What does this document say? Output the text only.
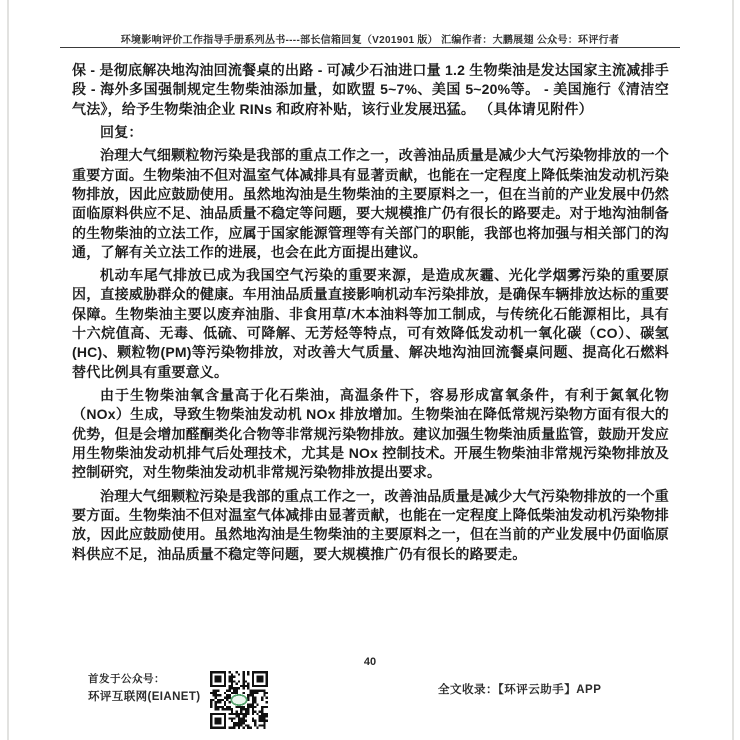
环境影响评价工作指导手册系列丛书----部长信箱回复（V201901 版） 汇编作者：大鹏展翅 公众号：环评行者

保 - 是彻底解决地沟油回流餐桌的出路 - 可减少石油进口量 1.2 生物柴油是发达国家主流减排手段 - 海外多国强制规定生物柴油添加量，如欧盟 5~7%、美国 5~20%等。 - 美国施行《清洁空气法》，给予生物柴油企业 RINs 和政府补贴，该行业发展迅猛。 （具体请见附件）

回复：

治理大气细颗粒物污染是我部的重点工作之一，改善油品质量是减少大气污染物排放的一个重要方面。生物柴油不但对温室气体减排具有显著贡献，也能在一定程度上降低柴油发动机污染物排放，因此应鼓励使用。虽然地沟油是生物柴油的主要原料之一，但在当前的产业发展中仍然面临原料供应不足、油品质量不稳定等问题，要大规模推广仍有很长的路要走。对于地沟油制备的生物柴油的立法工作，应属于国家能源管理等有关部门的职能，我部也将加强与相关部门的沟通，了解有关立法工作的进展，也会在此方面提出建议。

机动车尾气排放已成为我国空气污染的重要来源，是造成灰霾、光化学烟雾污染的重要原因，直接威胁群众的健康。车用油品质量直接影响机动车污染排放，是确保车辆排放达标的重要保障。生物柴油主要以废弃油脂、非食用草/木本油料等加工制成，与传统化石能源相比，具有十六烷值高、无毒、低硫、可降解、无芳烃等特点，可有效降低发动机一氧化碳（CO）、碳氢(HC)、颗粒物(PM)等污染物排放，对改善大气质量、解决地沟油回流餐桌问题、提高化石燃料替代比例具有重要意义。

由于生物柴油氧含量高于化石柴油，高温条件下，容易形成富氧条件，有利于氮氧化物（NOx）生成，导致生物柴油发动机 NOx 排放增加。生物柴油在降低常规污染物方面有很大的优势，但是会增加醛酮类化合物等非常规污染物排放。建议加强生物柴油质量监管，鼓励开发应用生物柴油发动机排气后处理技术，尤其是 NOx 控制技术。开展生物柴油非常规污染物排放及控制研究，对生物柴油发动机非常规污染物排放提出要求。

治理大气细颗粒污染是我部的重点工作之一，改善油品质量是减少大气污染物排放的一个重要方面。生物柴油不但对温室气体减排由显著贡献，也能在一定程度上降低柴油发动机污染物排放，因此应鼓励使用。虽然地沟油是生物柴油的主要原料之一，但在当前的产业发展中仍面临原料供应不足，油品质量不稳定等问题，要大规模推广仍有很长的路要走。

40
首发于公众号：
环评互联网(EIANET)
全文收录：【环评云助手】APP
